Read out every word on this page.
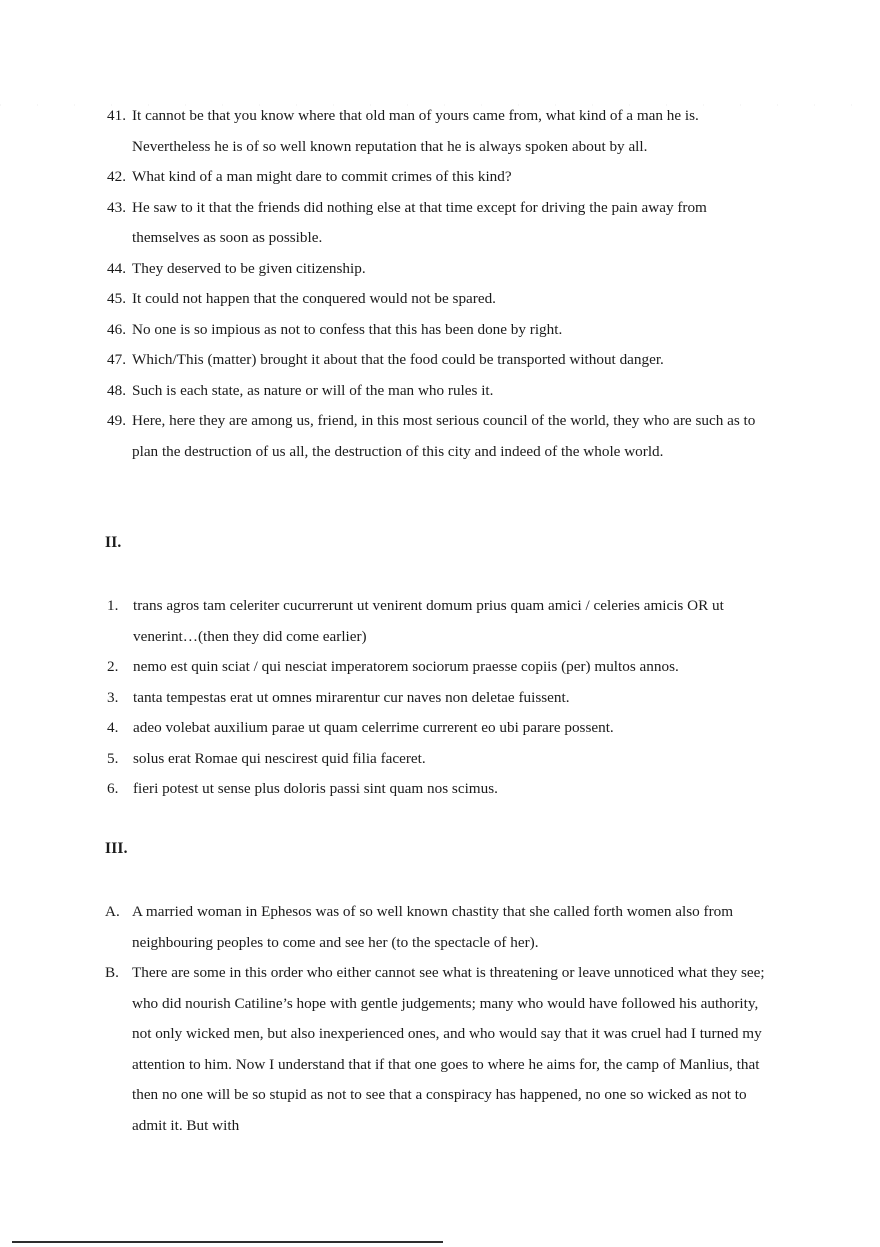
41. It cannot be that you know where that old man of yours came from, what kind of a man he is. Nevertheless he is of so well known reputation that he is always spoken about by all.
42. What kind of a man might dare to commit crimes of this kind?
43. He saw to it that the friends did nothing else at that time except for driving the pain away from themselves as soon as possible.
44. They deserved to be given citizenship.
45. It could not happen that the conquered would not be spared.
46. No one is so impious as not to confess that this has been done by right.
47. Which/This (matter) brought it about that the food could be transported without danger.
48. Such is each state, as nature or will of the man who rules it.
49. Here, here they are among us, friend, in this most serious council of the world, they who are such as to plan the destruction of us all, the destruction of this city and indeed of the whole world.
II.
1. trans agros tam celeriter cucurrerunt ut venirent domum prius quam amici / celeries amicis OR ut venerint…(then they did come earlier)
2. nemo est quin sciat / qui nesciat imperatorem sociorum praesse copiis (per) multos annos.
3. tanta tempestas erat ut omnes mirarentur cur naves non deletae fuissent.
4. adeo volebat auxilium parae ut quam celerrime currerent eo ubi parare possent.
5. solus erat Romae qui nescirest quid filia faceret.
6. fieri potest ut sense plus doloris passi sint quam nos scimus.
III.
A. A married woman in Ephesos was of so well known chastity that she called forth women also from neighbouring peoples to come and see her (to the spectacle of her).
B. There are some in this order who either cannot see what is threatening or leave unnoticed what they see; who did nourish Catiline’s hope with gentle judgements; many who would have followed his authority, not only wicked men, but also inexperienced ones, and who would say that it was cruel had I turned my attention to him. Now I understand that if that one goes to where he aims for, the camp of Manlius, that then no one will be so stupid as not to see that a conspiracy has happened, no one so wicked as not to admit it. But with
